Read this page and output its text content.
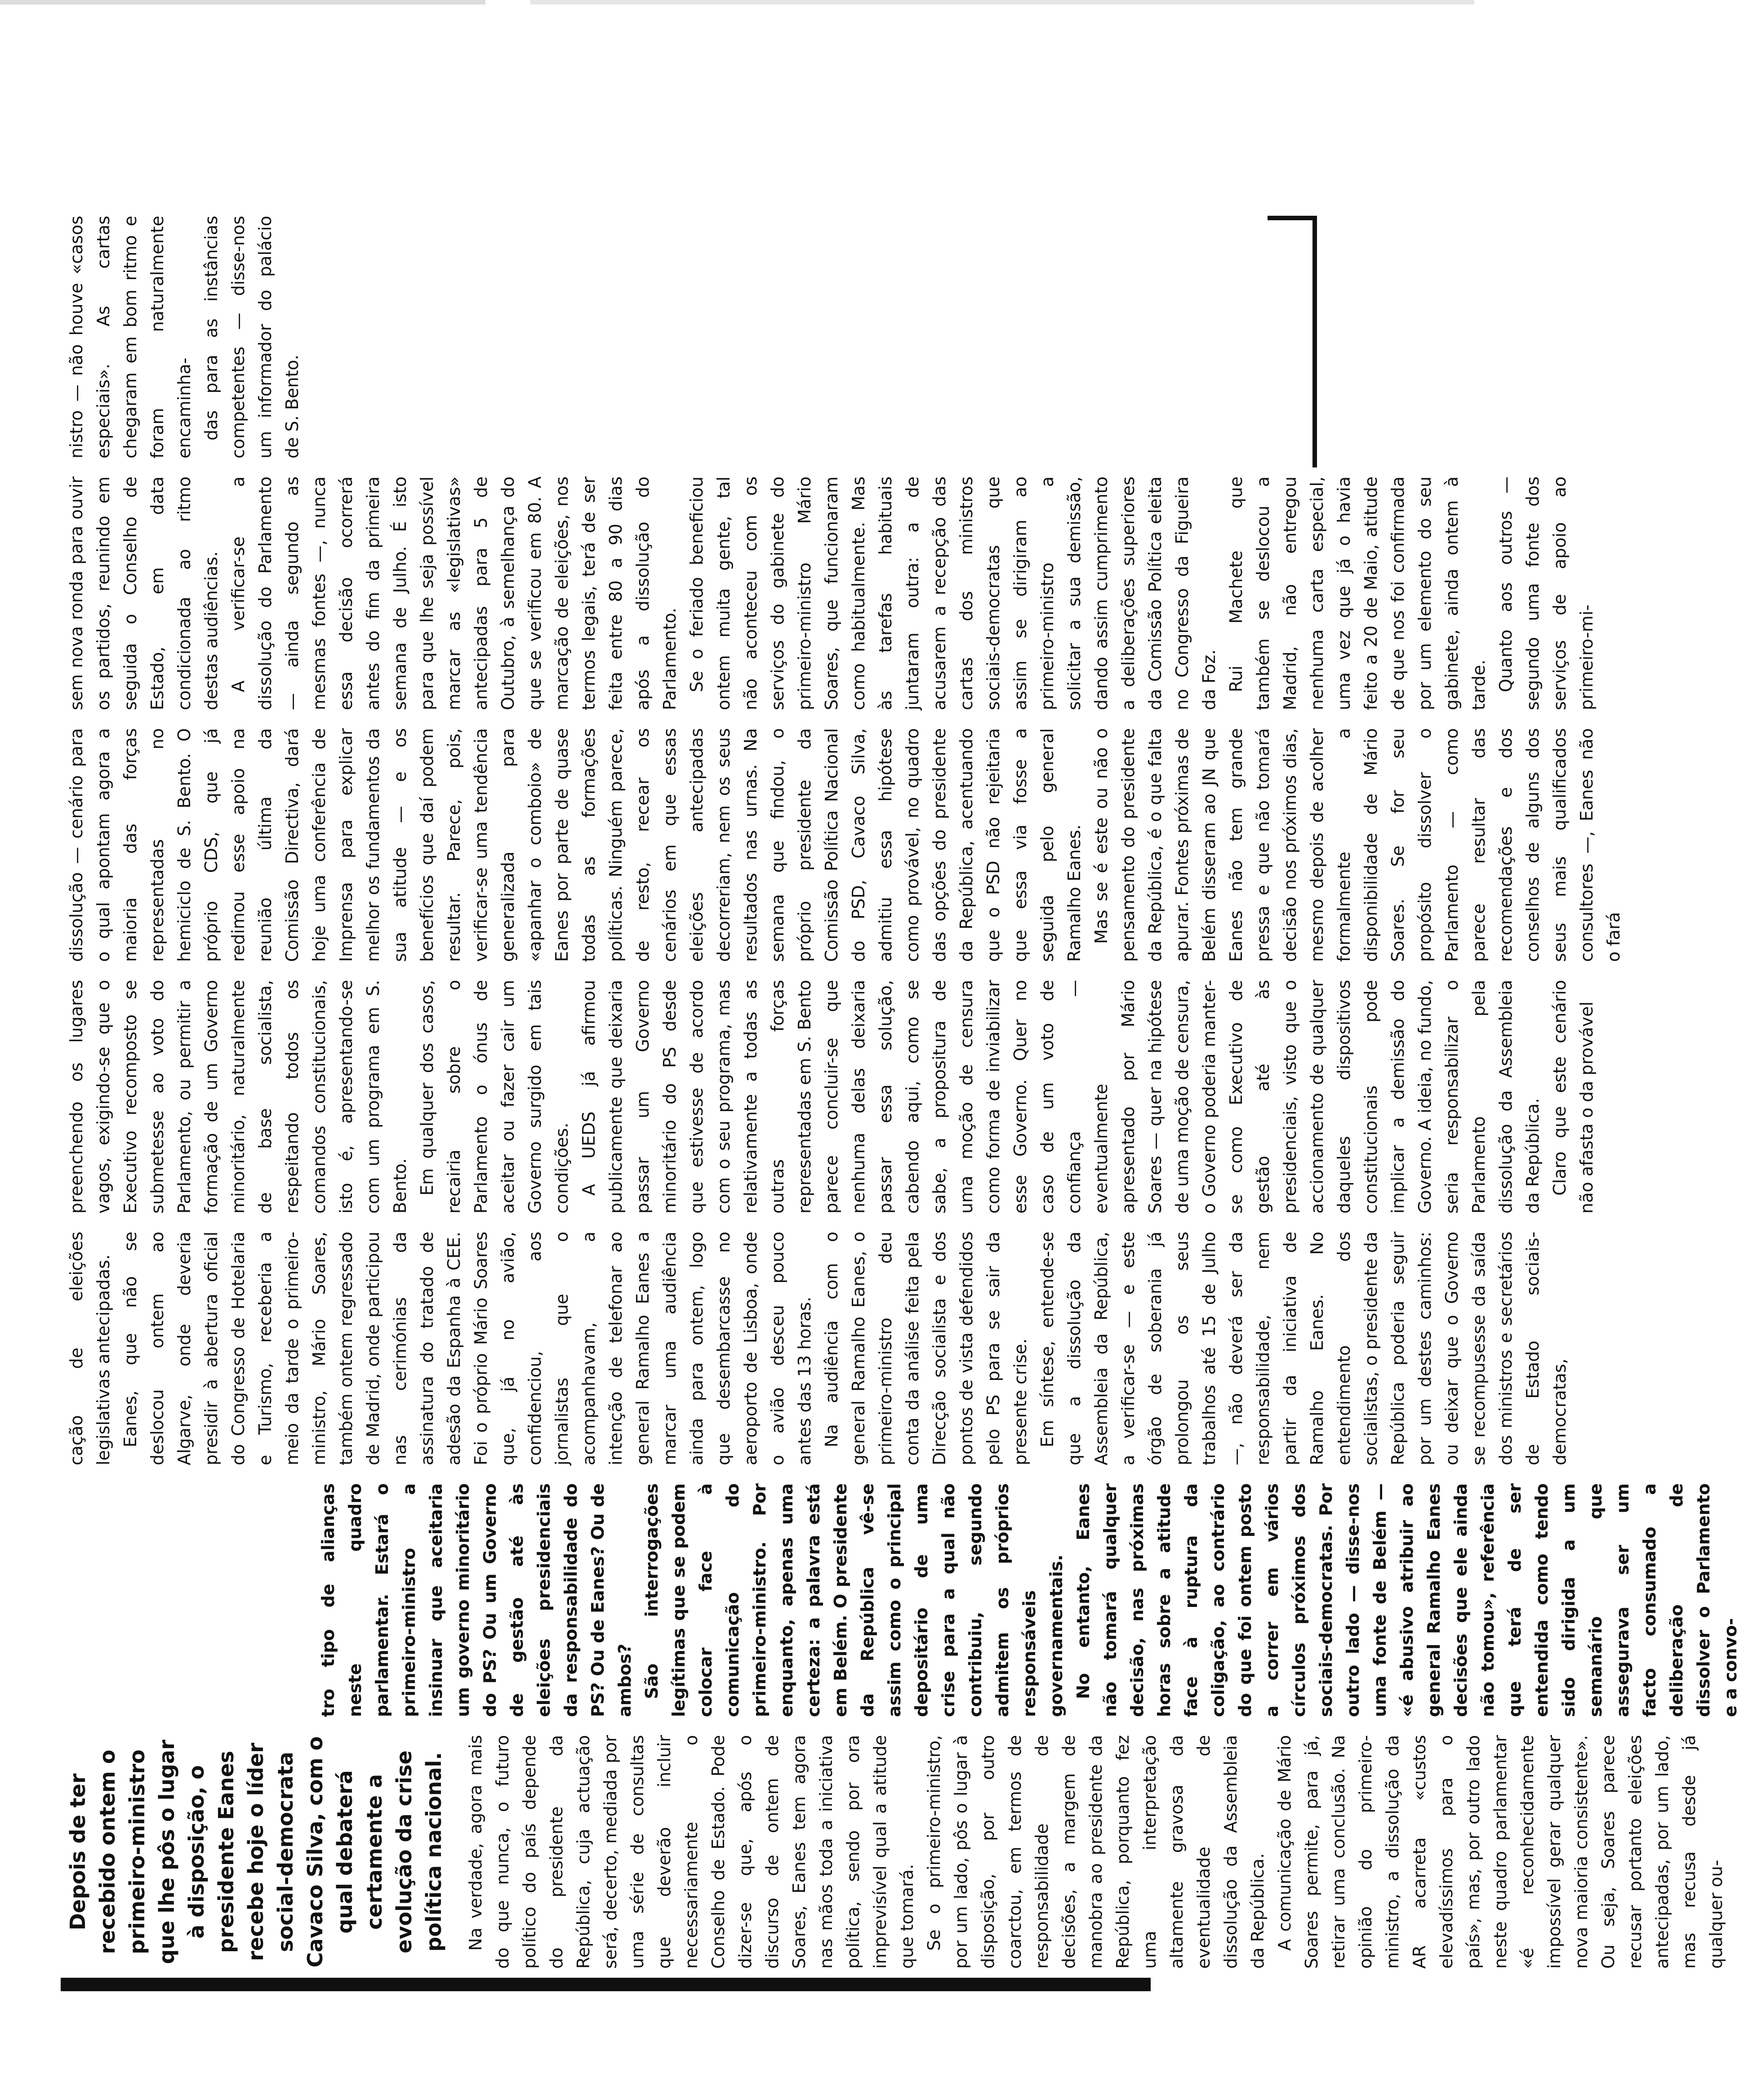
Depois de ter recebido ontem o primeiro-ministro que lhe pôs o lugar à disposição, o presidente Eanes recebe hoje o líder social-democrata Cavaco Silva, com o qual debaterá certamente a evolução da crise política nacional. Na verdade, agora mais do que nunca, o futuro político do país depende do presidente da República, cuja actuação será, decerto, mediada por uma série de consultas que deverão incluir necessariamente o Conselho de Estado. Pode dizer-se que, após o discurso de ontem de Soares, Eanes tem agora nas mãos toda a iniciativa política, sendo por ora imprevisível qual a atitude que tomará. Se o primeiro-ministro, por um lado, pôs o lugar à disposição, por outro coarctou, em termos de responsabilidade de decisões, a margem de manobra ao presidente da República, porquanto fez uma interpretação altamente gravosa da eventualidade de dissolução da Assembleia da República. A comunicação de Mário Soares permite, para já, retirar uma conclusão. Na opinião do primeiro-ministro, a dissolução da AR acarreta «custos elevadíssimos para o país», mas, por outro lado neste quadro parlamentar «é reconhecidamente impossível gerar qualquer nova maioria consistente». Ou seja, Soares parece recusar portanto eleições antecipadas, por um lado, mas recusa desde já qualquer ou-

tro tipo de alianças neste quadro parlamentar. Estará o primeiro-ministro a insinuar que aceitaria um governo minoritário do PS? Ou um Governo de gestão até às eleições presidenciais da responsabilidade do PS? Ou de Eanes? Ou de ambos? São interrogações legítimas que se podem colocar face à comunicação do primeiro-ministro. Por enquanto, apenas uma certeza: a palavra está em Belém. O presidente da República vê-se assim como o principal depositário de uma crise para a qual não contribuiu, segundo admitem os próprios responsáveis governamentais. No entanto, Eanes não tomará qualquer decisão, nas próximas horas sobre a atitude face à ruptura da coligação, ao contrário do que foi ontem posto a correr em vários círculos próximos dos sociais-democratas. Por outro lado — disse-nos uma fonte de Belém — «é abusivo atribuir ao general Ramalho Eanes decisões que ele ainda não tomou», referência que terá de ser entendida como tendo sido dirigida a um semanário que assegurava ser um facto consumado a deliberação de dissolver o Parlamento e a convo-

cação de eleições legislativas antecipadas. Eanes, que não se deslocou ontem ao Algarve, onde deveria presidir à abertura oficial do Congresso de Hotelaria e Turismo, receberia a meio da tarde o primeiro-ministro, Mário Soares, também ontem regressado de Madrid, onde participou nas cerimónias da assinatura do tratado de adesão da Espanha à CEE. Foi o próprio Mário Soares que, já no avião, confidenciou, aos jornalistas que o acompanhavam, a intenção de telefonar ao general Ramalho Eanes a marcar uma audiência ainda para ontem, logo que desembarcasse no aeroporto de Lisboa, onde o avião desceu pouco antes das 13 horas. Na audiência com o general Ramalho Eanes, o primeiro-ministro deu conta da análise feita pela Direcção socialista e dos pontos de vista defendidos pelo PS para se sair da presente crise. Em síntese, entende-se que a dissolução da Assembleia da República, a verificar-se — e este órgão de soberania já prolongou os seus trabalhos até 15 de Julho —, não deverá ser da responsabilidade, nem partir da iniciativa de Ramalho Eanes. No entendimento dos socialistas, o presidente da República poderia seguir por um destes caminhos: ou deixar que o Governo se recompusesse da saída dos ministros e secretários de Estado sociais-democratas,

preenchendo os lugares vagos, exigindo-se que o Executivo recomposto se submetesse ao voto do Parlamento, ou permitir a formação de um Governo minoritário, naturalmente de base socialista, respeitando todos os comandos constitucionais, isto é, apresentando-se com um programa em S. Bento. Em qualquer dos casos, recairia sobre o Parlamento o ónus de aceitar ou fazer cair um Governo surgido em tais condições. A UEDS já afirmou publicamente que deixaria passar um Governo minoritário do PS desde que estivesse de acordo com o seu programa, mas relativamente a todas as outras forças representadas em S. Bento parece concluir-se que nenhuma delas deixaria passar essa solução, cabendo aqui, como se sabe, a propositura de uma moção de censura como forma de inviabilizar esse Governo. Quer no caso de um voto de confiança — eventualmente apresentado por Mário Soares — quer na hipótese de uma moção de censura, o Governo poderia manter-se como Executivo de gestão até às presidenciais, visto que o accionamento de qualquer daqueles dispositivos constitucionais pode implicar a demissão do Governo. A ideia, no fundo, seria responsabilizar o Parlamento pela dissolução da Assembleia da República. Claro que este cenário não afasta o da provável

dissolução — cenário para o qual apontam agora a maioria das forças representadas no hemiciclo de S. Bento. O próprio CDS, que já redimou esse apoio na reunião última da Comissão Directiva, dará hoje uma conferência de Imprensa para explicar melhor os fundamentos da sua atitude — e os benefícios que daí podem resultar. Parece, pois, verificar-se uma tendência generalizada para «apanhar o comboio» de Eanes por parte de quase todas as formações políticas. Ninguém parece, de resto, recear os cenários em que essas eleições antecipadas decorreriam, nem os seus resultados nas urnas. Na semana que findou, o próprio presidente da Comissão Política Nacional do PSD, Cavaco Silva, admitiu essa hipótese como provável, no quadro das opções do presidente da República, acentuando que o PSD não rejeitaria que essa via fosse a seguida pelo general Ramalho Eanes. Mas se é este ou não o pensamento do presidente da República, é o que falta apurar. Fontes próximas de Belém disseram ao JN que Eanes não tem grande pressa e que não tomará decisão nos próximos dias, mesmo depois de acolher formalmente a disponibilidade de Mário Soares. Se for seu propósito dissolver o Parlamento — como parece resultar das recomendações e dos conselhos de alguns dos seus mais qualificados consultores —, Eanes não o fará

sem nova ronda para ouvir os partidos, reunindo em seguida o Conselho de Estado, em data condicionada ao ritmo destas audiências. A verificar-se a dissolução do Parlamento — ainda segundo as mesmas fontes —, nunca essa decisão ocorrerá antes do fim da primeira semana de Julho. É isto para que lhe seja possível marcar as «legislativas» antecipadas para 5 de Outubro, à semelhança do que se verificou em 80. A marcação de eleições, nos termos legais, terá de ser feita entre 80 a 90 dias após a dissolução do Parlamento. Se o feriado beneficiou ontem muita gente, tal não aconteceu com os serviços do gabinete do primeiro-ministro Mário Soares, que funcionaram como habitualmente. Mas às tarefas habituais juntaram outra: a de acusarem a recepção das cartas dos ministros sociais-democratas que assim se dirigiram ao primeiro-ministro a solicitar a sua demissão, dando assim cumprimento a deliberações superiores da Comissão Política eleita no Congresso da Figueira da Foz. Rui Machete que também se deslocou a Madrid, não entregou nenhuma carta especial, uma vez que já o havia feito a 20 de Maio, atitude de que nos foi confirmada por um elemento do seu gabinete, ainda ontem à tarde. Quanto aos outros — segundo uma fonte dos serviços de apoio ao primeiro-mi-

nistro — não houve «casos especiais». As cartas chegaram em bom ritmo e foram naturalmente encaminha- das para as instâncias competentes — disse-nos um informador do palácio de S. Bento.
